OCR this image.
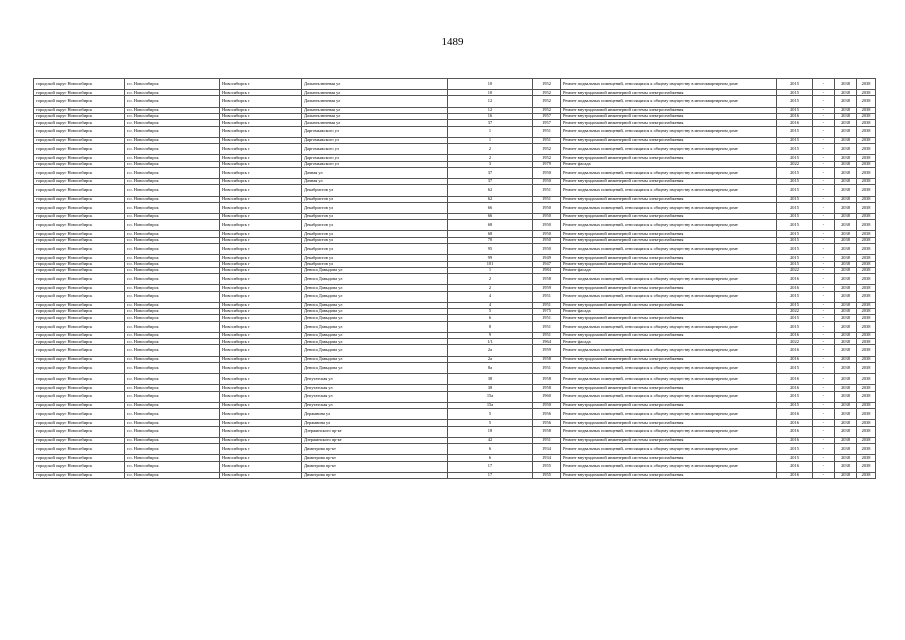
1489
городской округ Новосибирск	г.о. Новосибирск	Новосибирск г	Дальнеключевая ул	10	1952	Ремонт подвальных помещений, относящихся к общему имуществу в многоквартирном доме	2015	-	2038	2038
городской округ Новосибирск	г.о. Новосибирск	Новосибирск г	Дальнеключевая ул	10	1952	Ремонт внутридомовой инженерной системы электроснабжения	2015	-	2038	2038
городской округ Новосибирск	г.о. Новосибирск	Новосибирск г	Дальнеключевая ул	12	1952	Ремонт подвальных помещений, относящихся к общему имуществу в многоквартирном доме	2015	-	2038	2038
городской округ Новосибирск	г.о. Новосибирск	Новосибирск г	Дальнеключевая ул	12	1952	Ремонт внутридомовой инженерной системы электроснабжения	2015	-	2038	2038
городской округ Новосибирск	г.о. Новосибирск	Новосибирск г	Дальнеключевая ул	16	1957	Ремонт внутридомовой инженерной системы электроснабжения	2016	-	2038	2038
городской округ Новосибирск	г.о. Новосибирск	Новосибирск г	Дальнеключевая ул	37	1957	Ремонт внутридомовой инженерной системы электроснабжения	2016	-	2038	2038
городской округ Новосибирск	г.о. Новосибирск	Новосибирск г	Даргомыжского ул	1	1951	Ремонт подвальных помещений, относящихся к общему имуществу в многоквартирном доме	2015	-	2038	2038
городской округ Новосибирск	г.о. Новосибирск	Новосибирск г	Даргомыжского ул	1	1951	Ремонт внутридомовой инженерной системы электроснабжения	2015	-	2038	2038
городской округ Новосибирск	г.о. Новосибирск	Новосибирск г	Даргомыжского ул	2	1952	Ремонт подвальных помещений, относящихся к общему имуществу в многоквартирном доме	2015	-	2038	2038
городской округ Новосибирск	г.о. Новосибирск	Новосибирск г	Даргомыжского ул	2	1952	Ремонт внутридомовой инженерной системы электроснабжения	2015	-	2038	2038
городской округ Новосибирск	г.о. Новосибирск	Новосибирск г	Даргомыжского ул	3	1979	Ремонт фасада	2022	-	2038	2038
городской округ Новосибирск	г.о. Новосибирск	Новосибирск г	Дачная ул	37	1950	Ремонт подвальных помещений, относящихся к общему имуществу в многоквартирном доме	2015	-	2038	2038
городской округ Новосибирск	г.о. Новосибирск	Новосибирск г	Дачная ул	37	1950	Ремонт внутридомовой инженерной системы электроснабжения	2015	-	2038	2038
городской округ Новосибирск	г.о. Новосибирск	Новосибирск г	Декабристов ул	62	1951	Ремонт подвальных помещений, относящихся к общему имуществу в многоквартирном доме	2015	-	2038	2038
городской округ Новосибирск	г.о. Новосибирск	Новосибирск г	Декабристов ул	62	1951	Ремонт внутридомовой инженерной системы электроснабжения	2015	-	2038	2038
городской округ Новосибирск	г.о. Новосибирск	Новосибирск г	Декабристов ул	66	1950	Ремонт подвальных помещений, относящихся к общему имуществу в многоквартирном доме	2015	-	2038	2038
городской округ Новосибирск	г.о. Новосибирск	Новосибирск г	Декабристов ул	66	1950	Ремонт внутридомовой инженерной системы электроснабжения	2015	-	2038	2038
городской округ Новосибирск	г.о. Новосибирск	Новосибирск г	Декабристов ул	68	1950	Ремонт подвальных помещений, относящихся к общему имуществу в многоквартирном доме	2015	-	2038	2038
городской округ Новосибирск	г.о. Новосибирск	Новосибирск г	Декабристов ул	68	1950	Ремонт внутридомовой инженерной системы электроснабжения	2015	-	2038	2038
городской округ Новосибирск	г.о. Новосибирск	Новосибирск г	Декабристов ул	70	1950	Ремонт внутридомовой инженерной системы электроснабжения	2015	-	2038	2038
городской округ Новосибирск	г.о. Новосибирск	Новосибирск г	Декабристов ул	95	1950	Ремонт подвальных помещений, относящихся к общему имуществу в многоквартирном доме	2015	-	2038	2038
городской округ Новосибирск	г.о. Новосибирск	Новосибирск г	Декабристов ул	99	1949	Ремонт внутридомовой инженерной системы электроснабжения	2015	-	2038	2038
городской округ Новосибирск	г.о. Новосибирск	Новосибирск г	Декабристов ул	101	1947	Ремонт внутридомовой инженерной системы электроснабжения	2015	-	2038	2038
городской округ Новосибирск	г.о. Новосибирск	Новосибирск г	Дениса Давыдова ул	1	1984	Ремонт фасада	2022	-	2038	2038
городской округ Новосибирск	г.о. Новосибирск	Новосибирск г	Дениса Давыдова ул	2	1958	Ремонт подвальных помещений, относящихся к общему имуществу в многоквартирном доме	2016	-	2038	2038
городской округ Новосибирск	г.о. Новосибирск	Новосибирск г	Дениса Давыдова ул	2	1959	Ремонт внутридомовой инженерной системы электроснабжения	2016	-	2038	2038
городской округ Новосибирск	г.о. Новосибирск	Новосибирск г	Дениса Давыдова ул	4	1951	Ремонт подвальных помещений, относящихся к общему имуществу в многоквартирном доме	2015	-	2038	2038
городской округ Новосибирск	г.о. Новосибирск	Новосибирск г	Дениса Давыдова ул	4	1951	Ремонт внутридомовой инженерной системы электроснабжения	2015	-	2038	2038
городской округ Новосибирск	г.о. Новосибирск	Новосибирск г	Дениса Давыдова ул	5	1975	Ремонт фасада	2022	-	2038	2038
городской округ Новосибирск	г.о. Новосибирск	Новосибирск г	Дениса Давыдова ул	6	1951	Ремонт внутридомовой инженерной системы электроснабжения	2015	-	2038	2038
городской округ Новосибирск	г.о. Новосибирск	Новосибирск г	Дениса Давыдова ул	8	1951	Ремонт подвальных помещений, относящихся к общему имуществу в многоквартирном доме	2015	-	2038	2038
городской округ Новосибирск	г.о. Новосибирск	Новосибирск г	Дениса Давыдова ул	9	1951	Ремонт внутридомовой инженерной системы электроснабжения	2016	-	2038	2038
городской округ Новосибирск	г.о. Новосибирск	Новосибирск г	Дениса Давыдова ул	1/1	1964	Ремонт фасада	2022	-	2038	2038
городской округ Новосибирск	г.о. Новосибирск	Новосибирск г	Дениса Давыдова ул	2а	1959	Ремонт подвальных помещений, относящихся к общему имуществу в многоквартирном доме	2016	-	2038	2038
городской округ Новосибирск	г.о. Новосибирск	Новосибирск г	Дениса Давыдова ул	2а	1958	Ремонт внутридомовой инженерной системы электроснабжения	2016	-	2038	2038
городской округ Новосибирск	г.о. Новосибирск	Новосибирск г	Дениса Давыдова ул	8а	1951	Ремонт подвальных помещений, относящихся к общему имуществу в многоквартирном доме	2015	-	2038	2038
городской округ Новосибирск	г.о. Новосибирск	Новосибирск г	Депутатская ул	38	1958	Ремонт подвальных помещений, относящихся к общему имуществу в многоквартирном доме	2016	-	2038	2038
городской округ Новосибирск	г.о. Новосибирск	Новосибирск г	Депутатская ул	38	1958	Ремонт внутридомовой инженерной системы электроснабжения	2016	-	2038	2038
городской округ Новосибирск	г.о. Новосибирск	Новосибирск г	Депутатская ул	15а	1960	Ремонт подвальных помещений, относящихся к общему имуществу в многоквартирном доме	2015	-	2038	2038
городской округ Новосибирск	г.о. Новосибирск	Новосибирск г	Депутатская ул	15а	1950	Ремонт внутридомовой инженерной системы электроснабжения	2015	-	2038	2038
городской округ Новосибирск	г.о. Новосибирск	Новосибирск г	Державина ул	5	1956	Ремонт подвальных помещений, относящихся к общему имуществу в многоквартирном доме	2016	-	2038	2038
городской округ Новосибирск	г.о. Новосибирск	Новосибирск г	Державина ул	5	1956	Ремонт внутридомовой инженерной системы электроснабжения	2016	-	2038	2038
городской округ Новосибирск	г.о. Новосибирск	Новосибирск г	Дзержинского пр-кт	18	1958	Ремонт подвальных помещений, относящихся к общему имуществу в многоквартирном доме	2016	-	2038	2038
городской округ Новосибирск	г.о. Новосибирск	Новосибирск г	Дзержинского пр-кт	42	1951	Ремонт внутридомовой инженерной системы электроснабжения	2016	-	2038	2038
городской округ Новосибирск	г.о. Новосибирск	Новосибирск г	Димитрова пр-кт	6	1934	Ремонт подвальных помещений, относящихся к общему имуществу в многоквартирном доме	2015	-	2038	2038
городской округ Новосибирск	г.о. Новосибирск	Новосибирск г	Димитрова пр-кт	6	1934	Ремонт внутридомовой инженерной системы электроснабжения	2015	-	2038	2038
городской округ Новосибирск	г.о. Новосибирск	Новосибирск г	Димитрова пр-кт	17	1955	Ремонт подвальных помещений, относящихся к общему имуществу в многоквартирном доме	2016	-	2038	2038
городской округ Новосибирск	г.о. Новосибирск	Новосибирск г	Димитрова пр-кт	17	1955	Ремонт внутридомовой инженерной системы электроснабжения	2016	-	2038	2038
